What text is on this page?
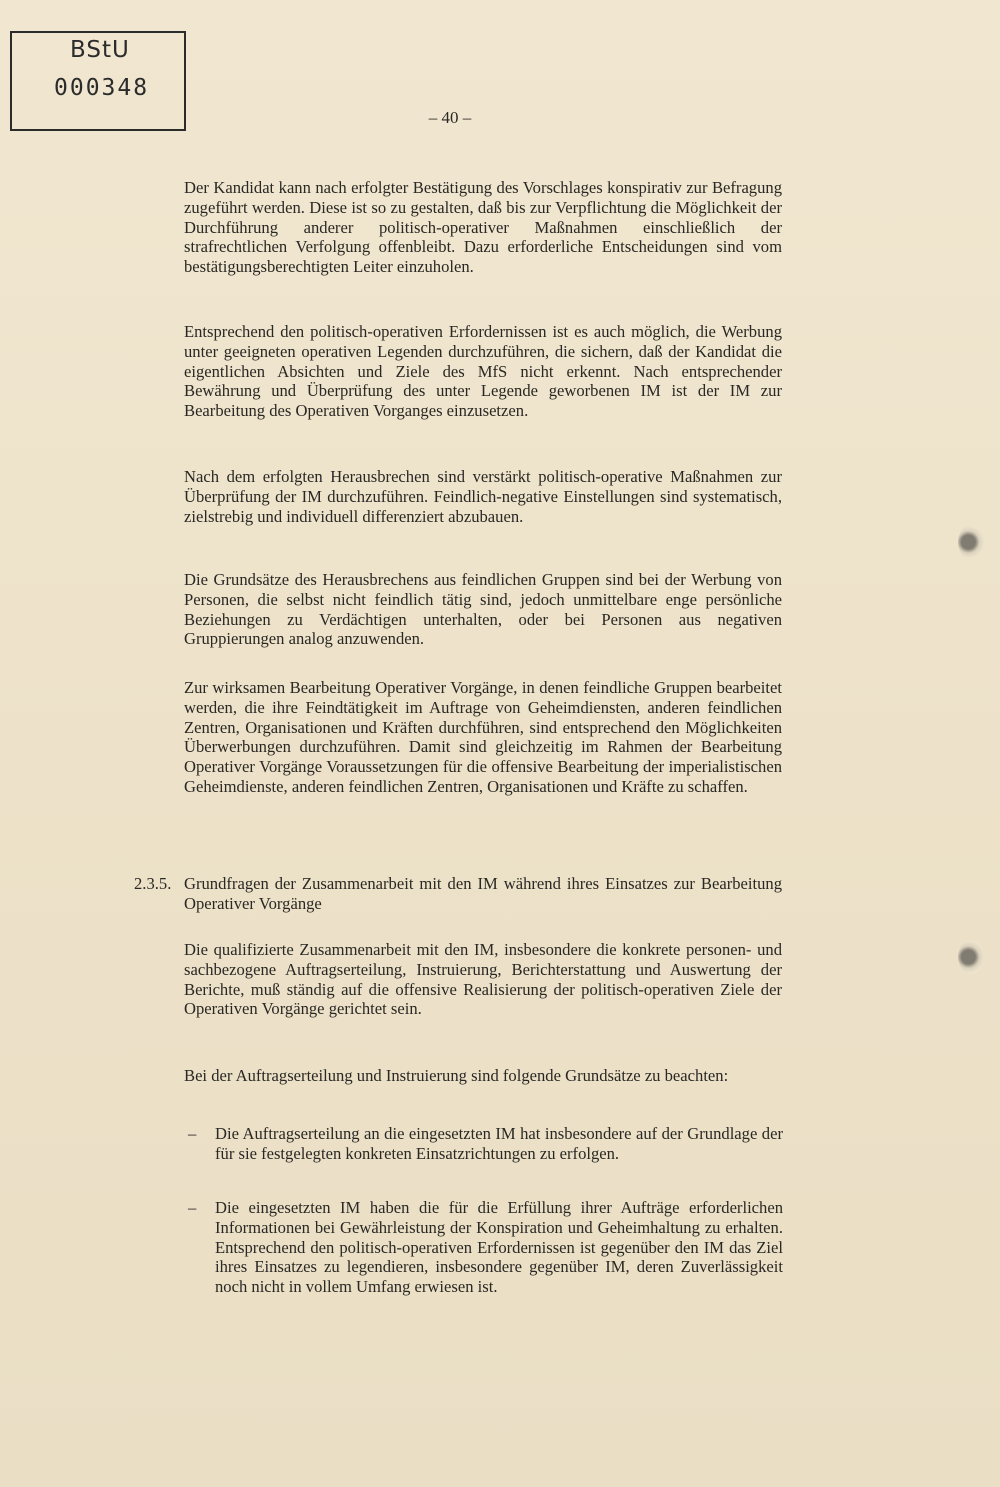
BStU
000348
– 40 –

Der Kandidat kann nach erfolgter Bestätigung des Vorschlages konspirativ zur Befragung zugeführt werden. Diese ist so zu gestalten, daß bis zur Verpflichtung die Möglichkeit der Durchführung anderer politisch-operativer Maßnahmen einschließlich der strafrechtlichen Verfolgung offenbleibt. Dazu erforderliche Entscheidungen sind vom bestätigungsberechtigten Leiter einzuholen.

Entsprechend den politisch-operativen Erfordernissen ist es auch möglich, die Werbung unter geeigneten operativen Legenden durchzuführen, die sichern, daß der Kandidat die eigentlichen Absichten und Ziele des MfS nicht erkennt. Nach entsprechender Bewährung und Überprüfung des unter Legende geworbenen IM ist der IM zur Bearbeitung des Operativen Vorganges einzusetzen.

Nach dem erfolgten Herausbrechen sind verstärkt politisch-operative Maßnahmen zur Überprüfung der IM durchzuführen. Feindlich-negative Einstellungen sind systematisch, zielstrebig und individuell differenziert abzubauen.

Die Grundsätze des Herausbrechens aus feindlichen Gruppen sind bei der Werbung von Personen, die selbst nicht feindlich tätig sind, jedoch unmittelbare enge persönliche Beziehungen zu Verdächtigen unterhalten, oder bei Personen aus negativen Gruppierungen analog anzuwenden.

Zur wirksamen Bearbeitung Operativer Vorgänge, in denen feindliche Gruppen bearbeitet werden, die ihre Feindtätigkeit im Auftrage von Geheimdiensten, anderen feindlichen Zentren, Organisationen und Kräften durchführen, sind entsprechend den Möglichkeiten Überwerbungen durchzuführen. Damit sind gleichzeitig im Rahmen der Bearbeitung Operativer Vorgänge Voraussetzungen für die offensive Bearbeitung der imperialistischen Geheimdienste, anderen feindlichen Zentren, Organisationen und Kräfte zu schaffen.

2.3.5. Grundfragen der Zusammenarbeit mit den IM während ihres Einsatzes zur Bearbeitung Operativer Vorgänge

Die qualifizierte Zusammenarbeit mit den IM, insbesondere die konkrete personen- und sachbezogene Auftragserteilung, Instruierung, Berichterstattung und Auswertung der Berichte, muß ständig auf die offensive Realisierung der politisch-operativen Ziele der Operativen Vorgänge gerichtet sein.

Bei der Auftragserteilung und Instruierung sind folgende Grundsätze zu beachten:

– Die Auftragserteilung an die eingesetzten IM hat insbesondere auf der Grundlage der für sie festgelegten konkreten Einsatzrichtungen zu erfolgen.

– Die eingesetzten IM haben die für die Erfüllung ihrer Aufträge erforderlichen Informationen bei Gewährleistung der Konspiration und Geheimhaltung zu erhalten. Entsprechend den politisch-operativen Erfordernissen ist gegenüber den IM das Ziel ihres Einsatzes zu legendieren, insbesondere gegenüber IM, deren Zuverlässigkeit noch nicht in vollem Umfang erwiesen ist.
